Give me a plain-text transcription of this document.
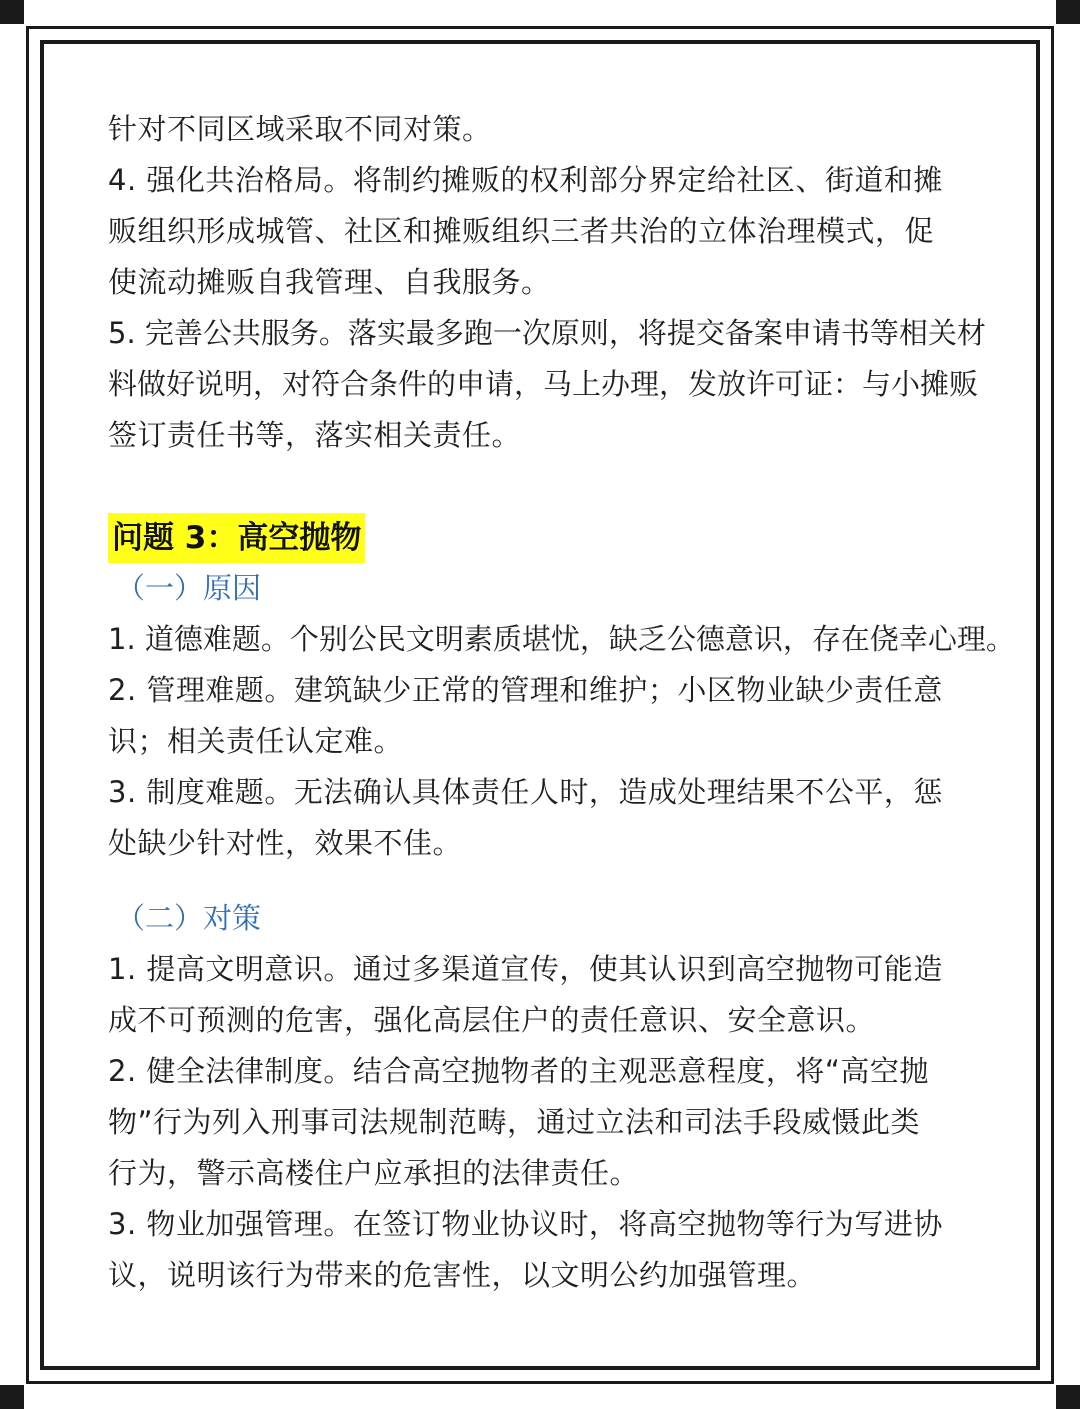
针对不同区域采取不同对策。
4. 强化共治格局。将制约摊贩的权利部分界定给社区、街道和摊
贩组织形成城管、社区和摊贩组织三者共治的立体治理模式，促
使流动摊贩自我管理、自我服务。
5. 完善公共服务。落实最多跑一次原则，将提交备案申请书等相关材
料做好说明，对符合条件的申请，马上办理，发放许可证：与小摊贩
签订责任书等，落实相关责任。
问题 3：高空抛物
（一）原因
1. 道德难题。个别公民文明素质堪忧，缺乏公德意识，存在侥幸心理。
2. 管理难题。建筑缺少正常的管理和维护；小区物业缺少责任意
识；相关责任认定难。
3. 制度难题。无法确认具体责任人时，造成处理结果不公平，惩
处缺少针对性，效果不佳。
（二）对策
1. 提高文明意识。通过多渠道宣传，使其认识到高空抛物可能造
成不可预测的危害，强化高层住户的责任意识、安全意识。
2. 健全法律制度。结合高空抛物者的主观恶意程度，将“高空抛
物”行为列入刑事司法规制范畴，通过立法和司法手段威慑此类
行为，警示高楼住户应承担的法律责任。
3. 物业加强管理。在签订物业协议时，将高空抛物等行为写进协
议，说明该行为带来的危害性，以文明公约加强管理。
